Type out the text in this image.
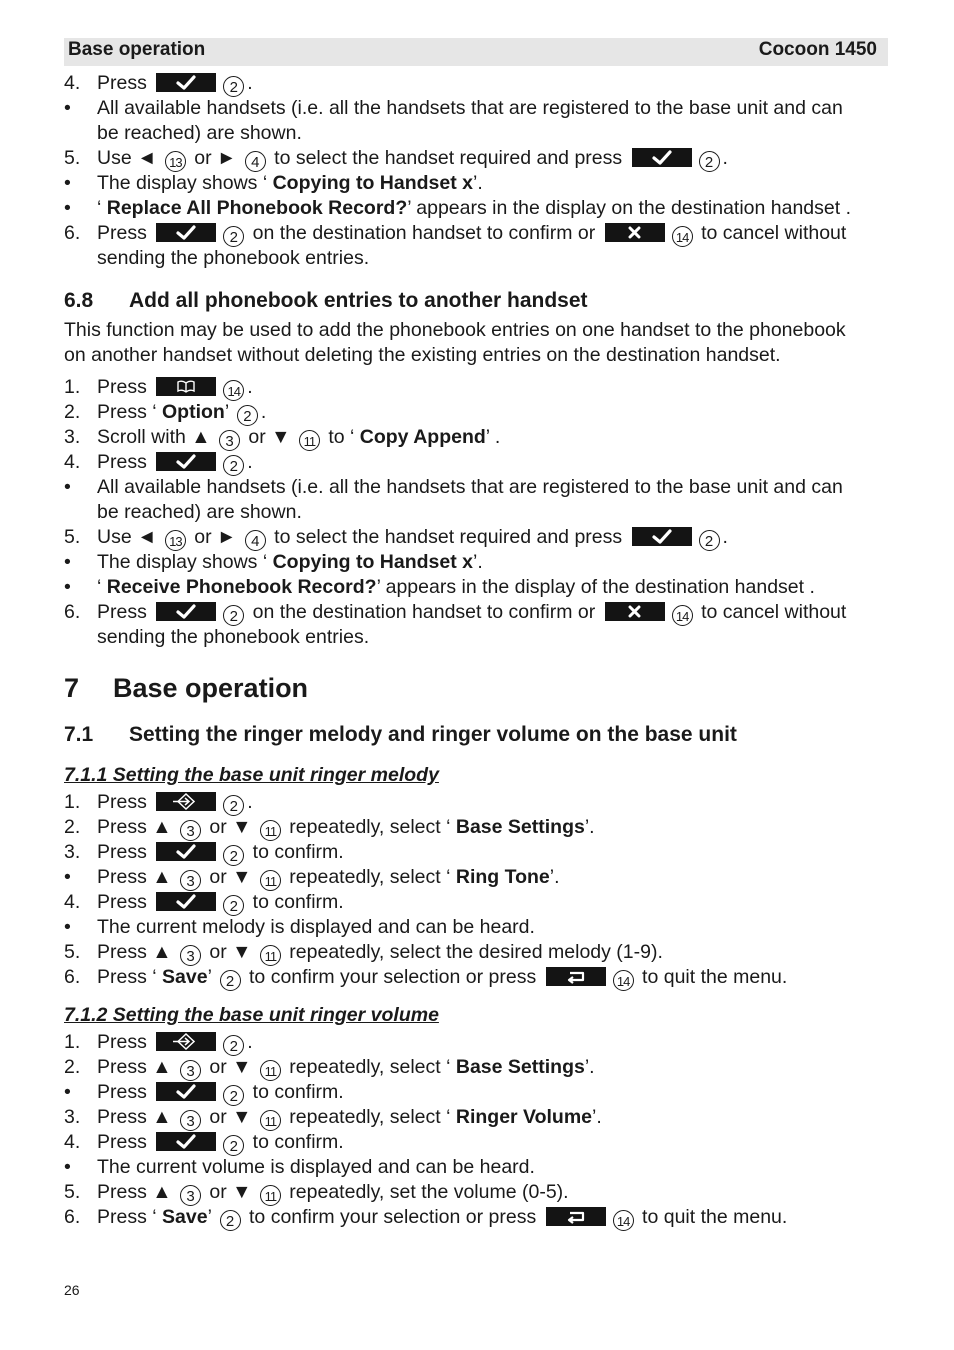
Base operation	Cocoon 1450
4. Press	2 .
• All available handsets (i.e. all the handsets that are registered to the base unit and can
be reached) are shown.
5. Use ◄ 13 or ► 4 to select the handset required and press	2 .
• The display shows ‘ Copying to Handset x’.
• ‘ Replace All Phonebook Record?’ appears in the display on the destination handset .
6. Press	2 on the destination handset to confirm or	14 to cancel without
sending the phonebook entries.
6.8 Add all phonebook entries to another handset
This function may be used to add the phonebook entries on one handset to the phonebook
on another handset without deleting the existing entries on the destination handset.
1. Press	14 .
2. Press ‘ Option’ 2 .
3. Scroll with ▲ 3 or ▼ 11 to ‘ Copy Append’ .
4. Press	2 .
• All available handsets (i.e. all the handsets that are registered to the base unit and can
be reached) are shown.
5. Use ◄ 13 or ► 4 to select the handset required and press	2 .
• The display shows ‘ Copying to Handset x’.
• ‘ Receive Phonebook Record?’ appears in the display of the destination handset .
6. Press	2 on the destination handset to confirm or	14 to cancel without
sending the phonebook entries.
7 Base operation
7.1 Setting the ringer melody and ringer volume on the base unit
7.1.1 Setting the base unit ringer melody
1. Press	2 .
2. Press ▲ 3 or ▼ 11 repeatedly, select ‘ Base Settings’.
3. Press	2 to confirm.
• Press ▲ 3 or ▼ 11 repeatedly, select ‘ Ring Tone’.
4. Press	2 to confirm.
• The current melody is displayed and can be heard.
5. Press ▲ 3 or ▼ 11 repeatedly, select the desired melody (1-9).
6. Press ‘ Save’ 2 to confirm your selection or press	14 to quit the menu.
7.1.2 Setting the base unit ringer volume
1. Press	2 .
2. Press ▲ 3 or ▼ 11 repeatedly, select ‘ Base Settings’.
• Press	2 to confirm.
3. Press ▲ 3 or ▼ 11 repeatedly, select ‘ Ringer Volume’.
4. Press	2 to confirm.
• The current volume is displayed and can be heard.
5. Press ▲ 3 or ▼ 11 repeatedly, set the volume (0-5).
6. Press ‘ Save’ 2 to confirm your selection or press	14 to quit the menu.
26
